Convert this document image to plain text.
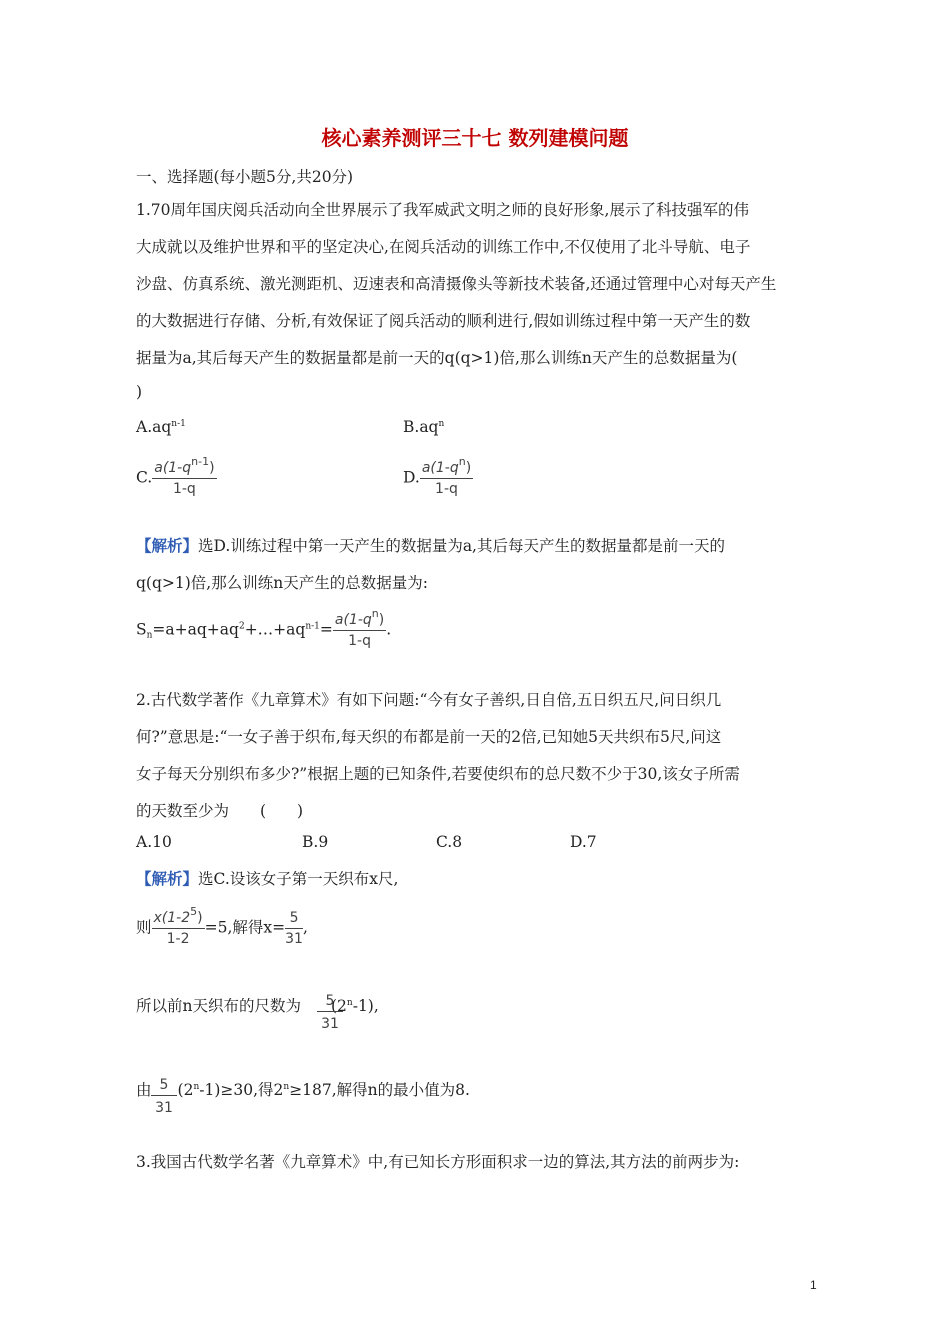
核心素养测评三十七 数列建模问题
一、选择题(每小题5分,共20分)
1.70周年国庆阅兵活动向全世界展示了我军威武文明之师的良好形象,展示了科技强军的伟
大成就以及维护世界和平的坚定决心,在阅兵活动的训练工作中,不仅使用了北斗导航、电子
沙盘、仿真系统、激光测距机、迈速表和高清摄像头等新技术装备,还通过管理中心对每天产生
的大数据进行存储、分析,有效保证了阅兵活动的顺利进行,假如训练过程中第一天产生的数
据量为a,其后每天产生的数据量都是前一天的q(q>1)倍,那么训练n天产生的总数据量为(
)
$A.aq^{n-1}$	$B.aq^n$
C. $\frac{a(1-q^{n-1})}{1-q}$	D. $\frac{a(1-q^n)}{1-q}$
【解析】选D.训练过程中第一天产生的数据量为a,其后每天产生的数据量都是前一天的
q(q>1)倍,那么训练n天产生的总数据量为:
$S_n=a+aq+aq^2+\dots+aq^{n-1}= \frac{a(1-q^n)}{1-q}$ .
2.古代数学著作《九章算术》有如下问题:“今有女子善织,日自倍,五日织五尺,问日织几
何?”意思是:“一女子善于织布,每天织的布都是前一天的2倍,已知她5天共织布5尺,问这
女子每天分别织布多少?”根据上题的已知条件,若要使织布的总尺数不少于30,该女子所需
的天数至少为　　(　　)
A.10	B.9	C.8	D.7
【解析】选C.设该女子第一天织布x尺,
则 $\frac{x(1-2^5)}{1-2} =5$,解得$x= \frac{5}{31}$ ,
所以前n天织布的尺数为 (2$^n$-1),
5
31
由 $(2^n-1)\ge 30$,得$2^n\ge 187$,解得n的最小值为8.
5
31
3.我国古代数学名著《九章算术》中,有已知长方形面积求一边的算法,其方法的前两步为:
1
